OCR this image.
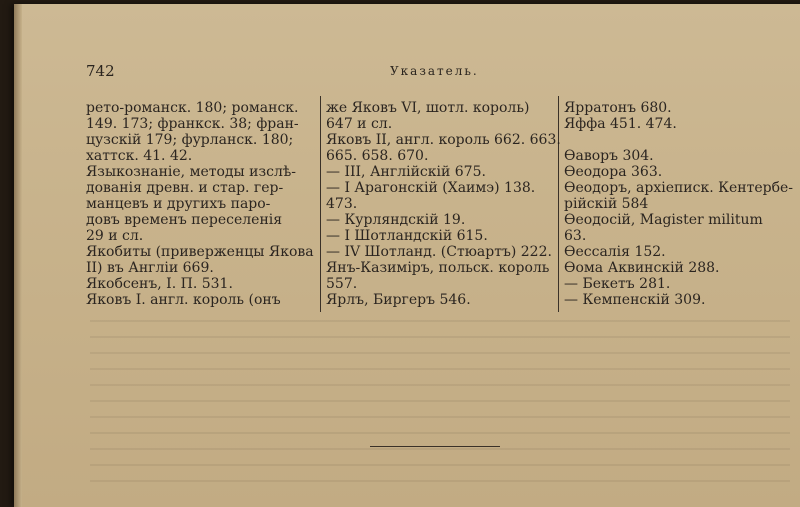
742	Указатель.
рето-романск. 180; романск.
149. 173; франкск. 38; фран-
цузскій 179; фурланск. 180;
хаттск. 41. 42.
Языкознаніе, методы изслѣ-
дованія древн. и стар. гер-
манцевъ и другихъ паро-
довъ временъ переселенія
29 и сл.
Якобиты (приверженцы Якова
II) въ Англіи 669.
Якобсенъ, I. П. 531.
Яковъ I. англ. король (онъ
же Яковъ VI, шотл. король)
647 и сл.
Яковъ II, англ. король 662. 663.
665. 658. 670.
— III, Англійскій 675.
— I Арагонскій (Хаимэ) 138.
473.
— Курляндскій 19.
— I Шотландскій 615.
— IV Шотланд. (Стюартъ) 222.
Янъ-Казиміръ, польск. король
557.
Ярлъ, Биргеръ 546.
Ярратонъ 680.
Яффа 451. 474.

Ѳаворъ 304.
Ѳеодора 363.
Ѳеодоръ, архіеписк. Кентербе-
рійскій 584
Ѳеодосій, Magister militum
63.
Ѳессалія 152.
Ѳома Аквинскій 288.
— Бекетъ 281.
— Кемпенскій 309.
